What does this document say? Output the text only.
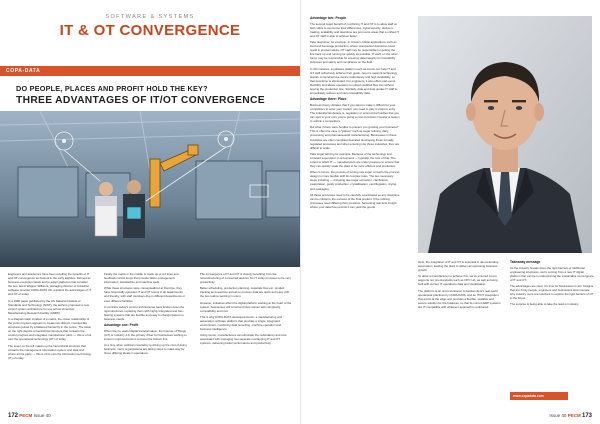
SOFTWARE & SYSTEMS
IT & OT CONVERGENCE
COPA-DATA
DO PEOPLE, PLACES AND PROFIT HOLD THE KEY?
THREE ADVANTAGES OF IT/OT CONVERGENCE

Engineers and academics have been extolling the benefits of IT and OT convergence as Festool in the early Eighties. Defined as business execution ideals and to adopt platforms that consider the two, Horst Wagner Williams, managing director of industrial software provider COPA-DATA UK, explains the advantages of IT and OT of today.

In a 1990 paper published by the US National Institute of Standards and Technology (NIST), the authors proposed a new control system architecture for use across American Manufacturing Research Facility (AMRF).

In a diagrammatic mindset of a matrix, the closer relationship of the control system appears to create two distinct, inverted-like structures joined by a flattened hierarchy in the centre. The tower on the right depicts a hierarchical structure that contains the control program and integrates manufacturer parts — this is of its own the operational technology (OT) of today.

The tower on the left makes up the hierarchical structure that contains the management information system and data and where all the parts — this is of its own the information technology (IT) of today.

Finally the matrix in the middle is made up of IoT lines and feedback control loops that provide faster management information, standardize and machine tools.

While these structures were conceptualized at that time, they have historically operated IT and OT teams in all departments and thereby, with staff members dug in different departments or even different facilities.

In contrast, today's control architectures have broken down the rigid structures, replacing them with highly integrated and free-flowing systems that are flexible and easy to change based on business needs.

Advantage one: Profit

When they're useful digital transformation, the Internet of Things (IoT) or Industry 4.0, the primary driver for businesses wishing to invest in improvements is to boost the bottom line.

At a time when political uncertainty is driving up the cost of doing business, many organisations are taking steps to make way for those differing ideals in operations.

The convergence of IT and OT is closely benefiting from the reconstructuring of connected devices, for IT today promises to be very productivity.

Better scheduling, production planning, materials flow etc, product tracking and real-time access to process data are quick and easy with the two realms working in union.

However, initiatives affect the digital platform working at the heart of the system, businesses will construct future issues with complexity, compatibility and cost.

This is why COPA-DATA developed zenon, a manufacturing and automation software platform that provides a single, integrated environment, combining data recording, machine operation and business intelligence.

Using zenon, manufacturers can eliminate the redundancy and cost associated with managing two separate overlapping IT and OT systems, delivering better performance and productivity.

172 PECM Issue 40
Advantage two: People

The second major benefit of combining IT and OT is to allow staff on both sides to overcome their differences. Cybersecurity, decision-making, scalability and downtime are just some areas that a unified IT and OT staff is able to achieve faster.

Take downtime, for example. In mission-critical applications such as food and beverage production, where unexpected downtime could result in product waste, OT staff may be responsible for getting the line back up and running as quickly as possible. IT staff, on the other hand, may be responsible for ensuring data integrity for traceability purposes and safety and compliance on the field.

In this instance, a software platform such as zenon can help IT and OT staff collectively achieve their goals, zenon's network technology feature comprehensive device redundancy and high availability, so that downtime is eliminated. For engineers, it also offers part-event flexibility and allows operators to reload modified files into without leaving the production line. Similarly, data and data guides IT staff to immediately retrieve and store traceability data.

Advantage three: Place

Business theory dictates that if you want to make it difficult for your competitors to enter your market, you need to play it smart to entry. The industrial landscape is, regulatory or economical hurdles that you can spot in your own, you're giving a cost-conscious investor a reason to rethink a competitors.

But what if there were hurdles to prevent you growing your business? This is often the case in "places" such as sugar refining, dairy processing and pharmaceutical manufacturing. Businesses in these industries are often compliant descaled developing these formally regulated processes and when entering into those industries, they are difficult to scale.

Take sugar refining for example. Because of the technology and constant supervision in a business — typically, the cost of that. The extent to which IT — manufacturers are under pressure to ensure that they can quickly scale the plant to be more efficient and productive.

When it comes, the process of turning raw sugar converts the process design to more familiar with its complex rules. The two necessary steps including — including raw sugar extraction, clarification, evaporation, gently production, crystallisation, centrifugation, drying and packaging.

All these processes need to be carefully coordinated so any downtime can be critical to the success of the final product. If the refining processes need differing their precision, harvesting real-time insight where your data flow permits it can yield the goods.

Here, the integration of IT and OT is essential in demonstrating automation, leading the plant to deliver all optimising business growth.

To allow a manufacturer to achieve this, we've ensured zenon supports nor pre-standards such as OPC UA, as well as being built with current IT operations data and visualisation.

The platform is an unconventional, industrial client's real-world operational practices by COPA-DATA, and an IT/OT integration that exists at the edge and provides a flexible, scalable and secure solution for the business, so that its current ERP systems are IT-compatible with whatever approach is embraced.

Takeaway message

As the industry breaks down the rigid barriers of traditional engineering structures, we're coming from a new IT digital platform that can be in underpinning the sustainable convergence of IT and OT.

The advantages are clear. It's time for businesses to act. Imagine that are firmly people, engineers and businesses and innovate why industry more are reluctant to explore the rigid barriers of OT in the future.

The surprise is being able to take the lead on industry.

www.copadata.com
Issue 40 PECM 173
